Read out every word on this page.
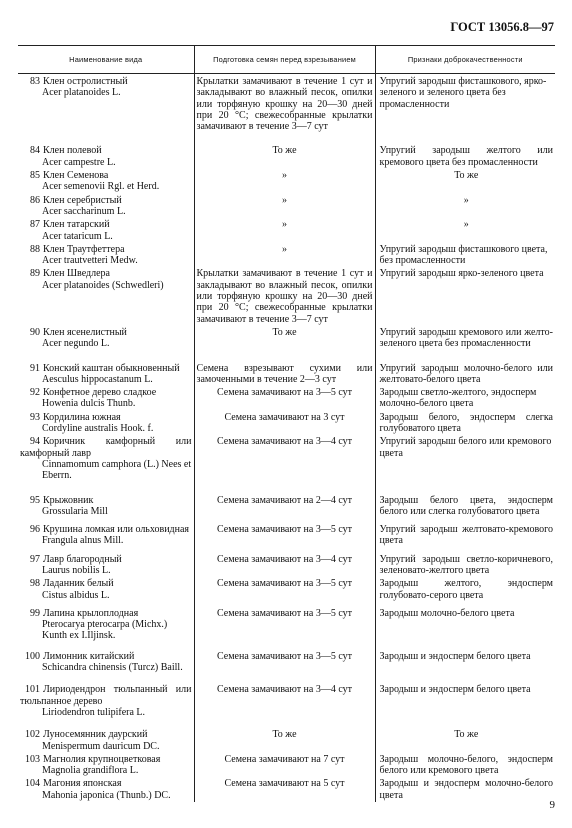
ГОСТ 13056.8—97
Наименование вида	Подготовка семян перед взрезыванием	Признаки доброкачественности

83 Клен остролистный
Acer platanoides L.	Крылатки замачивают в течение 1 сут и закладывают во влажный песок, опилки или торфяную крошку на 20—30 дней при 20 °С; свежесобранные крылатки замачивают в течение 3—7 сут	Упругий зародыш фисташкового, ярко-зеленого и зеленого цвета без промасленности

84 Клен полевой
Acer campestre L.	То же	Упругий зародыш желтого или кремового цвета без промасленности

85 Клен Семенова
Acer semenovii Rgl. et Herd.	»	То же

86 Клен серебристый
Acer saccharinum L.	»	»

87 Клен татарский
Acer tataricum L.	»	»

88 Клен Траутфеттера
Acer trautvetteri Medw.	»	Упругий зародыш фисташкового цвета, без промасленности

89 Клен Шведлера
Acer platanoides (Schwedleri)	Крылатки замачивают в течение 1 сут и закладывают во влажный песок, опилки или торфяную крошку на 20—30 дней при 20 °С; свежесобранные крылатки замачивают в течение 3—7 сут	Упругий зародыш ярко-зеленого цвета

90 Клен ясенелистный
Acer negundo L.	То же	Упругий зародыш кремового или желто-зеленого цвета без промасленности

91 Конский каштан обыкновенный
Aesculus hippocastanum L.	Семена взрезывают сухими или замоченными в течение 2—3 сут	Упругий зародыш молочно-белого или желтовато-белого цвета

92 Конфетное дерево сладкое
Howenia dulcis Thunb.	Семена замачивают на 3—5 сут	Зародыш светло-желтого, эндосперм молочно-белого цвета

93 Кордилина южная
Cordyline australis Hook. f.	Семена замачивают на 3 сут	Зародыш белого, эндосперм слегка голубоватого цвета

94 Коричник камфорный или камфорный лавр
Cinnamomum camphora (L.) Nees et Eberrn.	Семена замачивают на 3—4 сут	Упругий зародыш белого или кремового цвета

95 Крыжовник
Grossularia Mill	Семена замачивают на 2—4 сут	Зародыш белого цвета, эндосперм белого или слегка голубоватого цвета

96 Крушина ломкая или ольховидная
Frangula alnus Mill.	Семена замачивают на 3—5 сут	Упругий зародыш желтовато-кремового цвета

97 Лавр благородный
Laurus nobilis L.	Семена замачивают на 3—4 сут	Упругий зародыш светло-коричневого, зеленовато-желтого цвета

98 Ладанник белый
Cistus albidus L.	Семена замачивают на 3—5 сут	Зародыш желтого, эндосперм голубовато-серого цвета

99 Лапина крылоплодная
Pterocarya pterocarpa (Michx.) Kunth ex I.Iljinsk.	Семена замачивают на 3—5 сут	Зародыш молочно-белого цвета

100 Лимонник китайский
Schicandra chinensis (Turcz) Baill.	Семена замачивают на 3—5 сут	Зародыш и эндосперм белого цвета

101 Лириодендрон тюльпанный или тюльпанное дерево
Liriodendron tulipifera L.	Семена замачивают на 3—4 сут	Зародыш и эндосперм белого цвета

102 Луносемянник даурский
Menispermum dauricum DC.	То же	То же

103 Магнолия крупноцветковая
Magnolia grandiflora L.	Семена замачивают на 7 сут	Зародыш молочно-белого, эндосперм белого или кремового цвета

104 Магония японская
Mahonia japonica (Thunb.) DC.	Семена замачивают на 5 сут	Зародыш и эндосперм молочно-белого цвета
9
